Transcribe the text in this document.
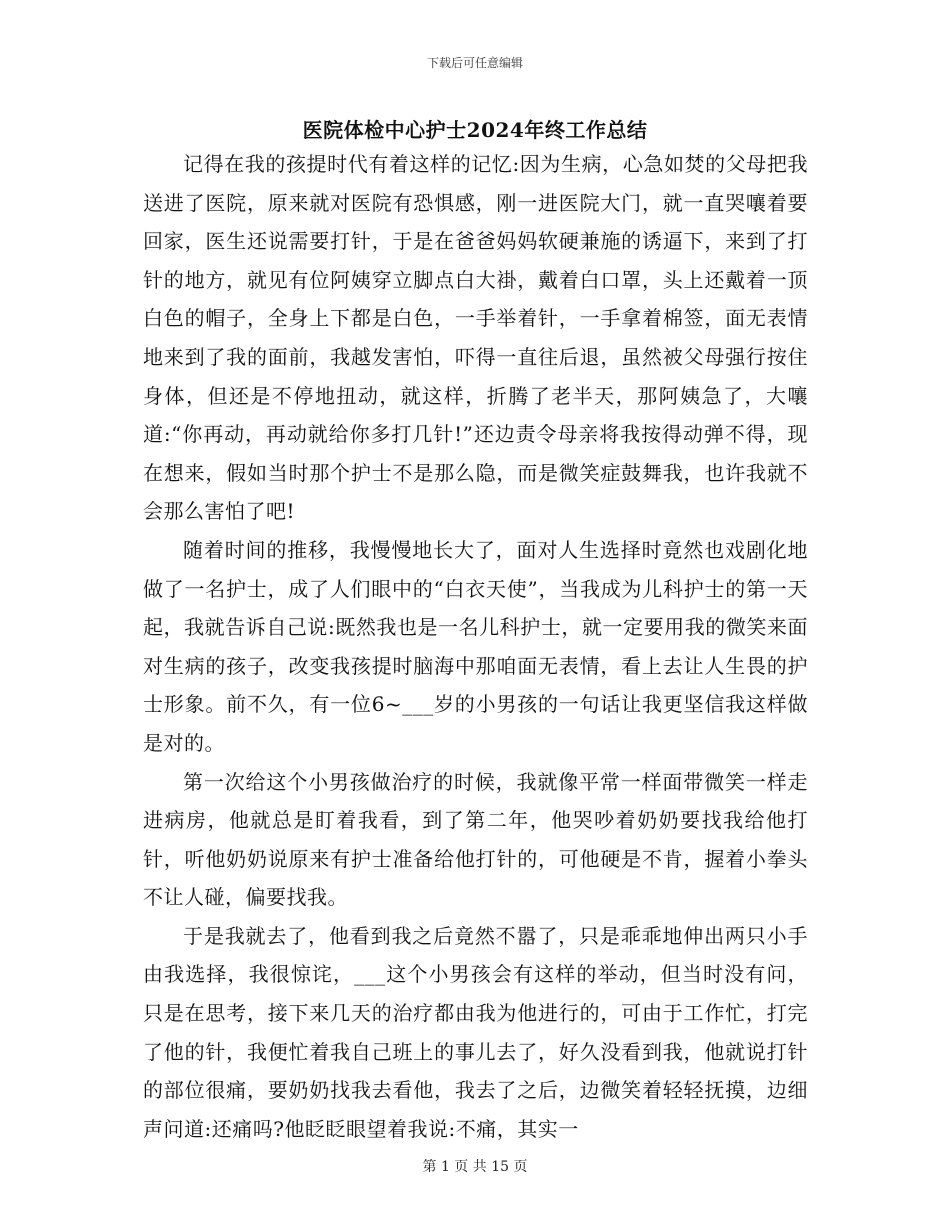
下载后可任意编辑
医院体检中心护士2024年终工作总结

记得在我的孩提时代有着这样的记忆:因为生病，心急如焚的父母把我送进了医院，原来就对医院有恐惧感，刚一进医院大门，就一直哭嚷着要回家，医生还说需要打针，于是在爸爸妈妈软硬兼施的诱逼下，来到了打针的地方，就见有位阿姨穿立脚点白大褂，戴着白口罩，头上还戴着一顶白色的帽子，全身上下都是白色，一手举着针，一手拿着棉签，面无表情地来到了我的面前，我越发害怕，吓得一直往后退，虽然被父母强行按住身体，但还是不停地扭动，就这样，折腾了老半天，那阿姨急了，大嚷道:“你再动，再动就给你多打几针!”还边责令母亲将我按得动弹不得，现在想来，假如当时那个护士不是那么隐，而是微笑症鼓舞我，也许我就不会那么害怕了吧!

随着时间的推移，我慢慢地长大了，面对人生选择时竟然也戏剧化地做了一名护士，成了人们眼中的“白衣天使”，当我成为儿科护士的第一天起，我就告诉自己说:既然我也是一名儿科护士，就一定要用我的微笑来面对生病的孩子，改变我孩提时脑海中那咱面无表情，看上去让人生畏的护士形象。前不久，有一位6~___岁的小男孩的一句话让我更坚信我这样做是对的。

第一次给这个小男孩做治疗的时候，我就像平常一样面带微笑一样走进病房，他就总是盯着我看，到了第二年，他哭吵着奶奶要找我给他打针，听他奶奶说原来有护士准备给他打针的，可他硬是不肯，握着小拳头不让人碰，偏要找我。

于是我就去了，他看到我之后竟然不嚣了，只是乖乖地伸出两只小手由我选择，我很惊诧，___这个小男孩会有这样的举动，但当时没有问，只是在思考，接下来几天的治疗都由我为他进行的，可由于工作忙，打完了他的针，我便忙着我自己班上的事儿去了，好久没看到我，他就说打针的部位很痛，要奶奶找我去看他，我去了之后，边微笑着轻轻抚摸，边细声问道:还痛吗?他眨眨眼望着我说:不痛，其实一

第 1 页 共 15 页
